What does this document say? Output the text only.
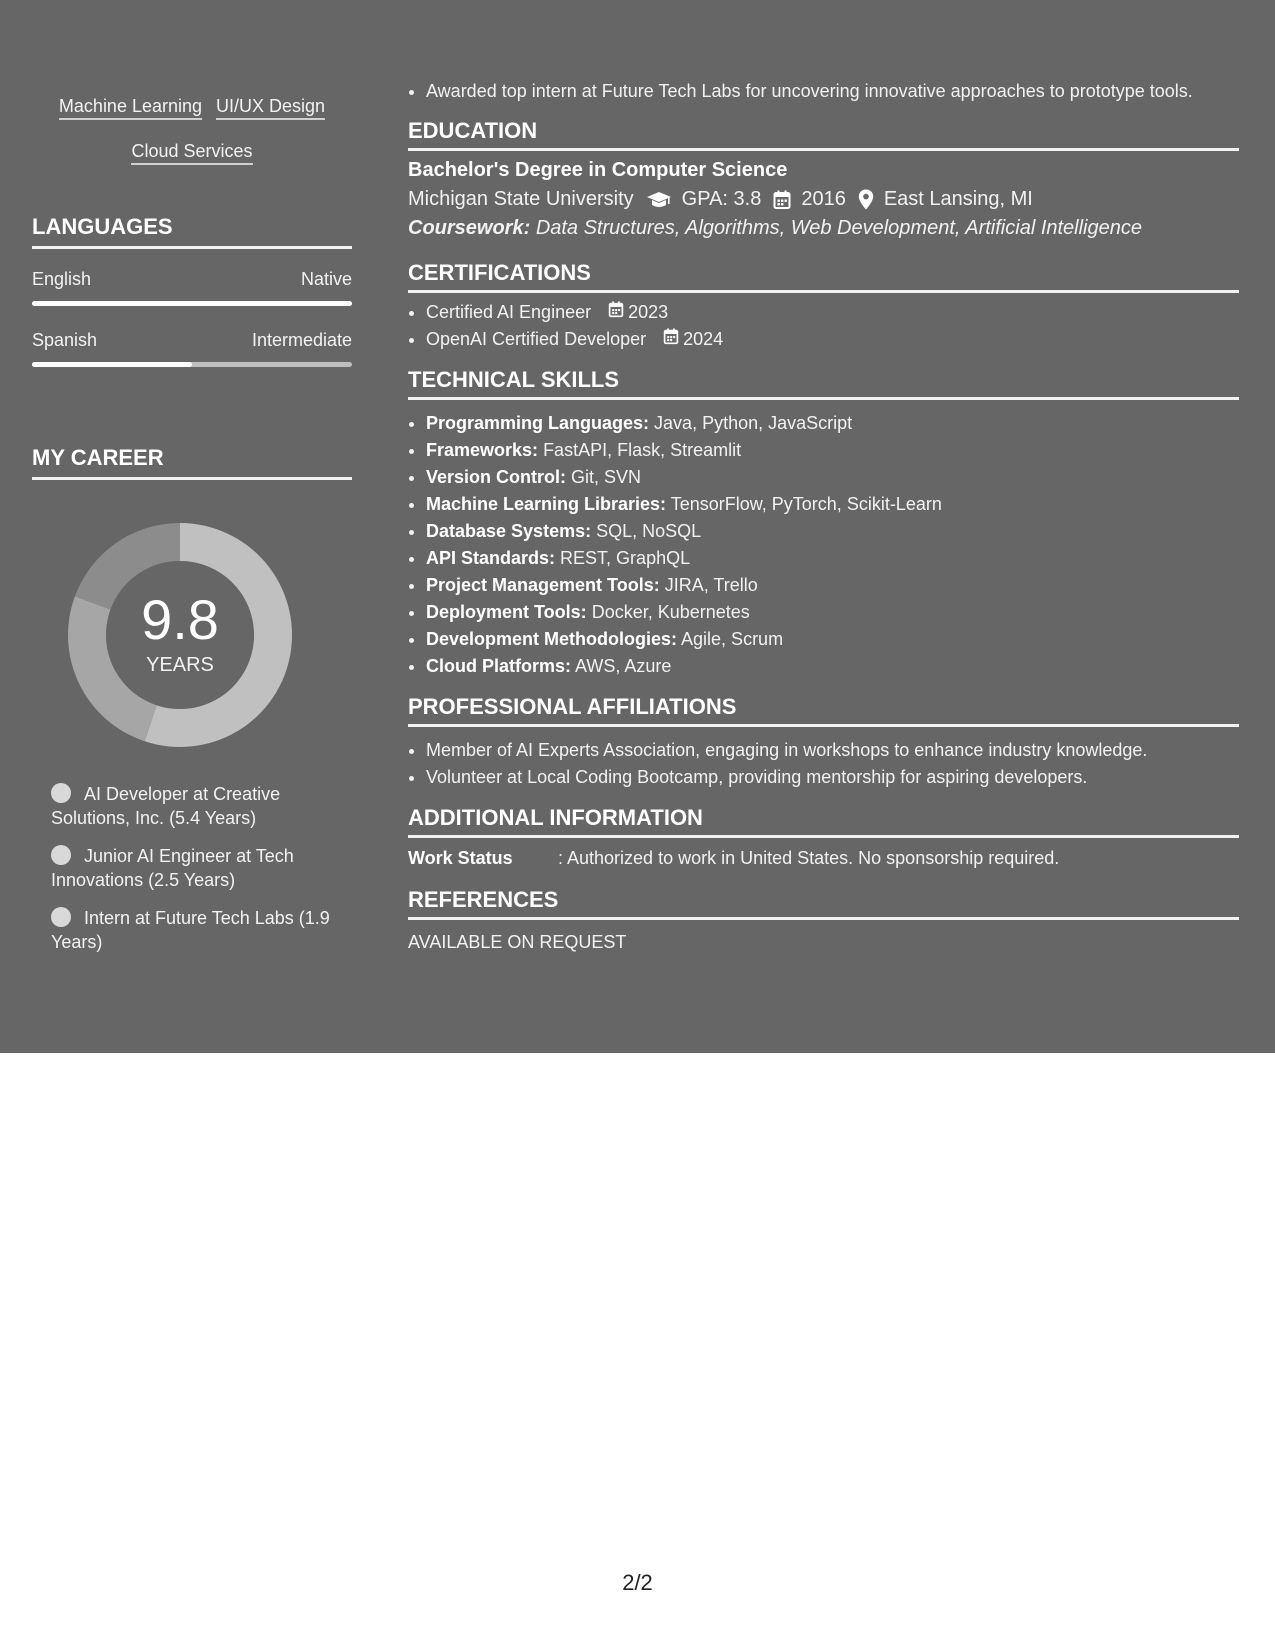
Machine Learning UI/UX Design
Cloud Services
LANGUAGES
English	Native
Spanish	Intermediate
MY CAREER
9.8
YEARS
AI Developer at Creative Solutions, Inc. (5.4 Years)
Junior AI Engineer at Tech Innovations (2.5 Years)
Intern at Future Tech Labs (1.9 Years)
• Awarded top intern at Future Tech Labs for uncovering innovative approaches to prototype tools.
EDUCATION
Bachelor's Degree in Computer Science
Michigan State University GPA: 3.8 2016 East Lansing, MI
Coursework: Data Structures, Algorithms, Web Development, Artificial Intelligence
CERTIFICATIONS
• Certified AI Engineer 2023
• OpenAI Certified Developer 2024
TECHNICAL SKILLS
• Programming Languages: Java, Python, JavaScript
• Frameworks: FastAPI, Flask, Streamlit
• Version Control: Git, SVN
• Machine Learning Libraries: TensorFlow, PyTorch, Scikit-Learn
• Database Systems: SQL, NoSQL
• API Standards: REST, GraphQL
• Project Management Tools: JIRA, Trello
• Deployment Tools: Docker, Kubernetes
• Development Methodologies: Agile, Scrum
• Cloud Platforms: AWS, Azure
PROFESSIONAL AFFILIATIONS
• Member of AI Experts Association, engaging in workshops to enhance industry knowledge.
• Volunteer at Local Coding Bootcamp, providing mentorship for aspiring developers.
ADDITIONAL INFORMATION
Work Status	: Authorized to work in United States. No sponsorship required.
REFERENCES
AVAILABLE ON REQUEST
2/2
